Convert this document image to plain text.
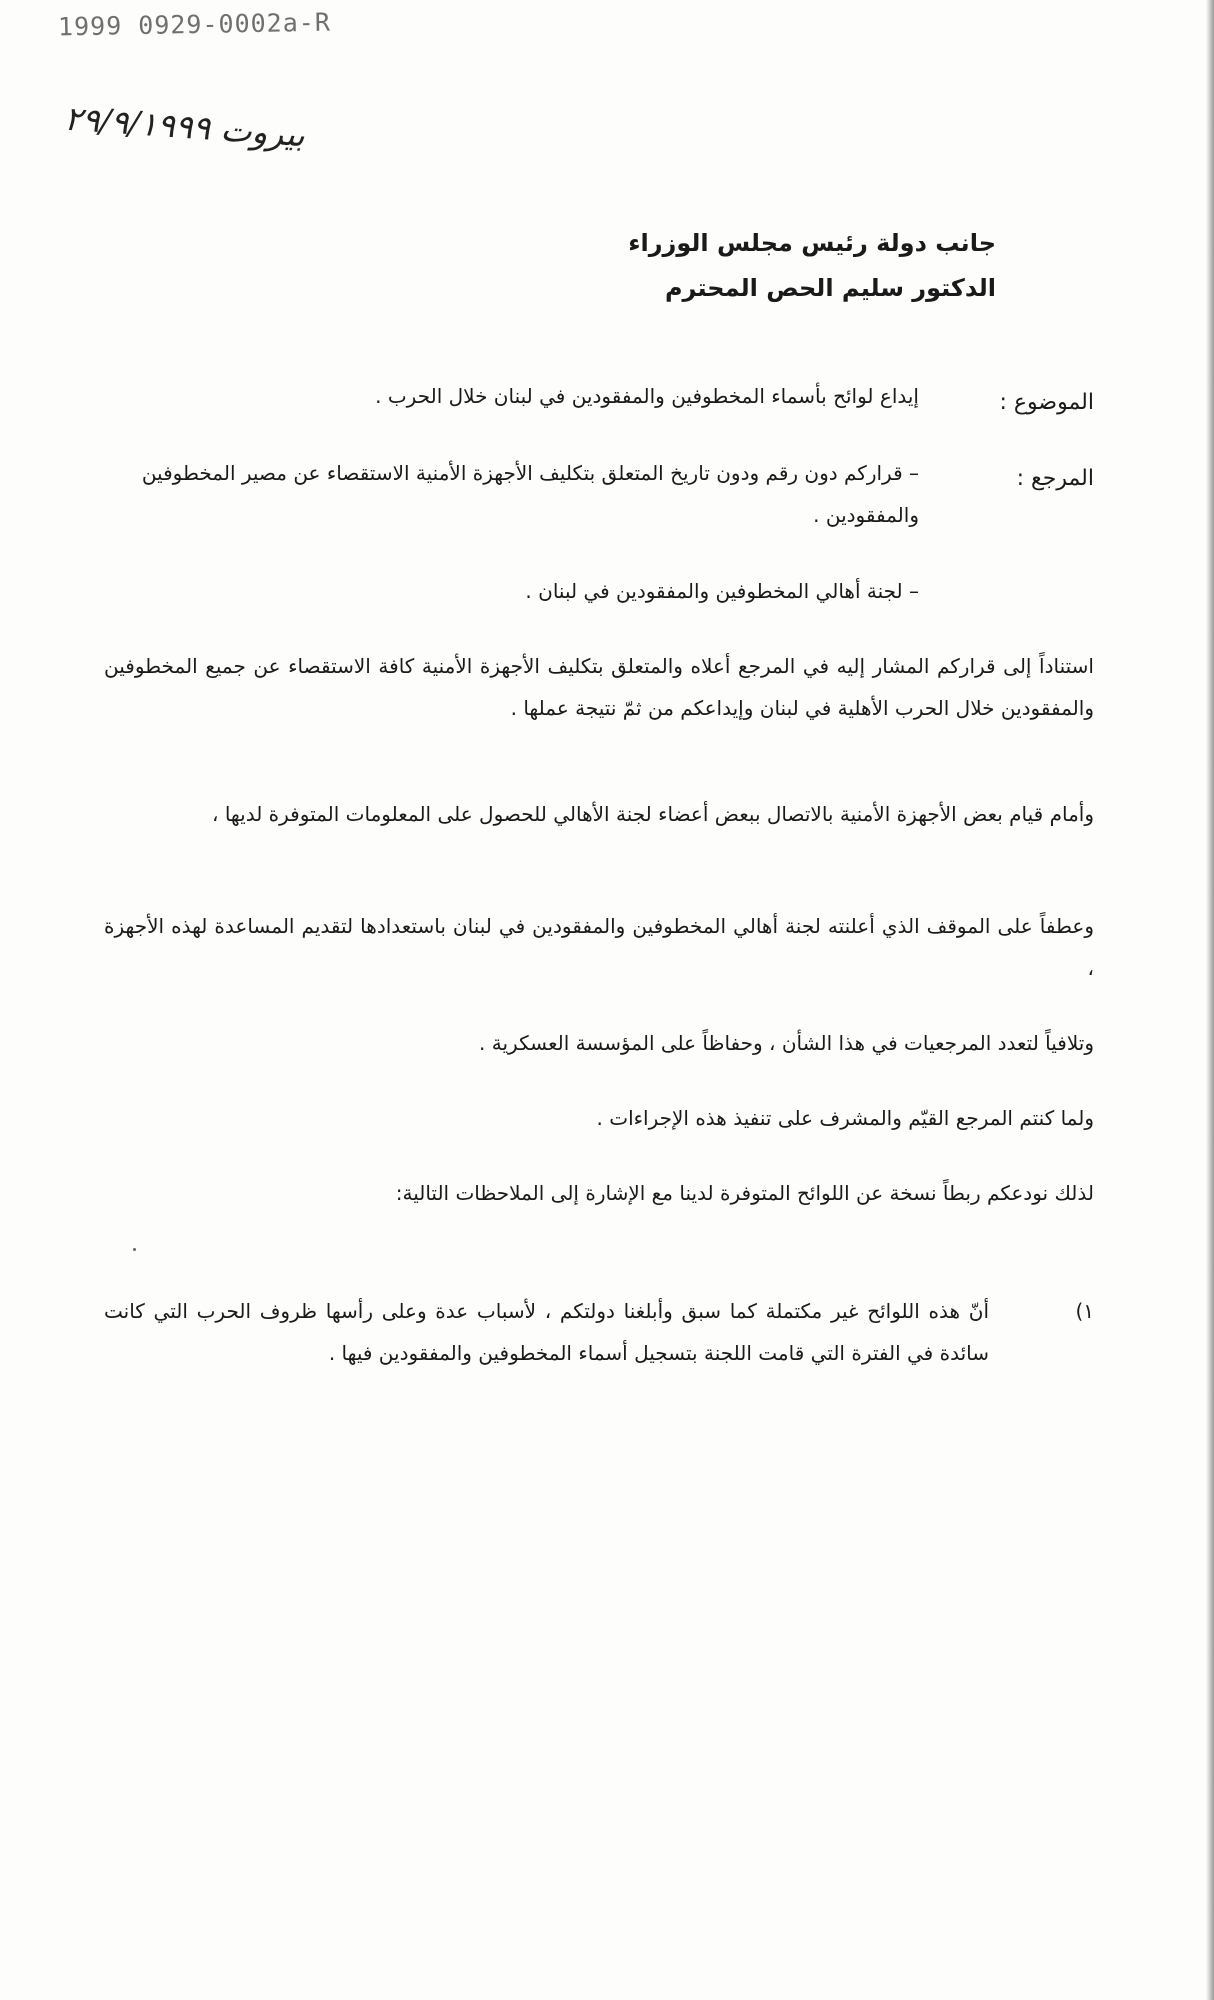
1999 0929-0002a-R
بيروت ٢٩/٩/١٩٩٩
جانب دولة رئيس مجلس الوزراء
الدكتور سليم الحص المحترم
الموضوع :
إيداع لوائح بأسماء المخطوفين والمفقودين في لبنان خلال الحرب .
المرجع :
– قراركم دون رقم ودون تاريخ المتعلق بتكليف الأجهزة الأمنية الاستقصاء عن مصير المخطوفين والمفقودين .
– لجنة أهالي المخطوفين والمفقودين في لبنان .
استناداً إلى قراركم المشار إليه في المرجع أعلاه والمتعلق بتكليف الأجهزة الأمنية كافة الاستقصاء عن جميع المخطوفين والمفقودين خلال الحرب الأهلية في لبنان وإيداعكم من ثمّ نتيجة عملها .
وأمام قيام بعض الأجهزة الأمنية بالاتصال ببعض أعضاء لجنة الأهالي للحصول على المعلومات المتوفرة لديها ،
وعطفاً على الموقف الذي أعلنته لجنة أهالي المخطوفين والمفقودين في لبنان باستعدادها لتقديم المساعدة لهذه الأجهزة ،
وتلافياً لتعدد المرجعيات في هذا الشأن ، وحفاظاً على المؤسسة العسكرية .
ولما كنتم المرجع القيّم والمشرف على تنفيذ هذه الإجراءات .
لذلك نودعكم ربطاً نسخة عن اللوائح المتوفرة لدينا مع الإشارة إلى الملاحظات التالية:
١)
أنّ هذه اللوائح غير مكتملة كما سبق وأبلغنا دولتكم ، لأسباب عدة وعلى رأسها ظروف الحرب التي كانت سائدة في الفترة التي قامت اللجنة بتسجيل أسماء المخطوفين والمفقودين فيها .
